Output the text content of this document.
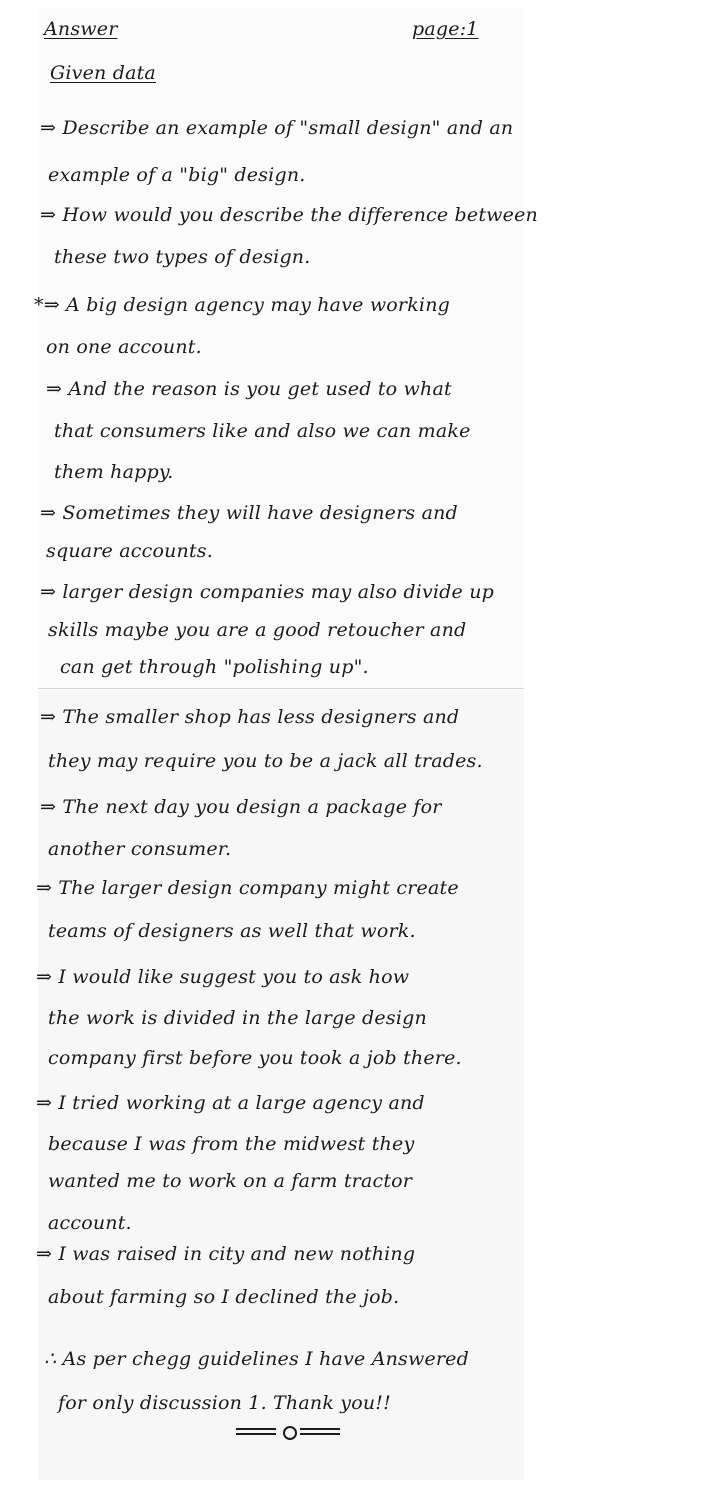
Answer	page:1
Given data
⇒ Describe an example of "small design" and an
example of a "big" design.
⇒ How would you describe the difference between
these two types of design.
*⇒ A big design agency may have working
on one account.
⇒ And the reason is you get used to what
that consumers like and also we can make
them happy.
⇒ Sometimes they will have designers and
square accounts.
⇒ larger design companies may also divide up
skills maybe you are a good retoucher and
can get through "polishing up".
⇒ The smaller shop has less designers and
they may require you to be a jack all trades.
⇒ The next day you design a package for
another consumer.
⇒ The larger design company might create
teams of designers as well that work.
⇒ I would like suggest you to ask how
the work is divided in the large design
company first before you took a job there.
⇒ I tried working at a large agency and
because I was from the midwest they
wanted me to work on a farm tractor
account.
⇒ I was raised in city and new nothing
about farming so I declined the job.
∴ As per chegg guidelines I have Answered
for only discussion 1. Thank you!!
